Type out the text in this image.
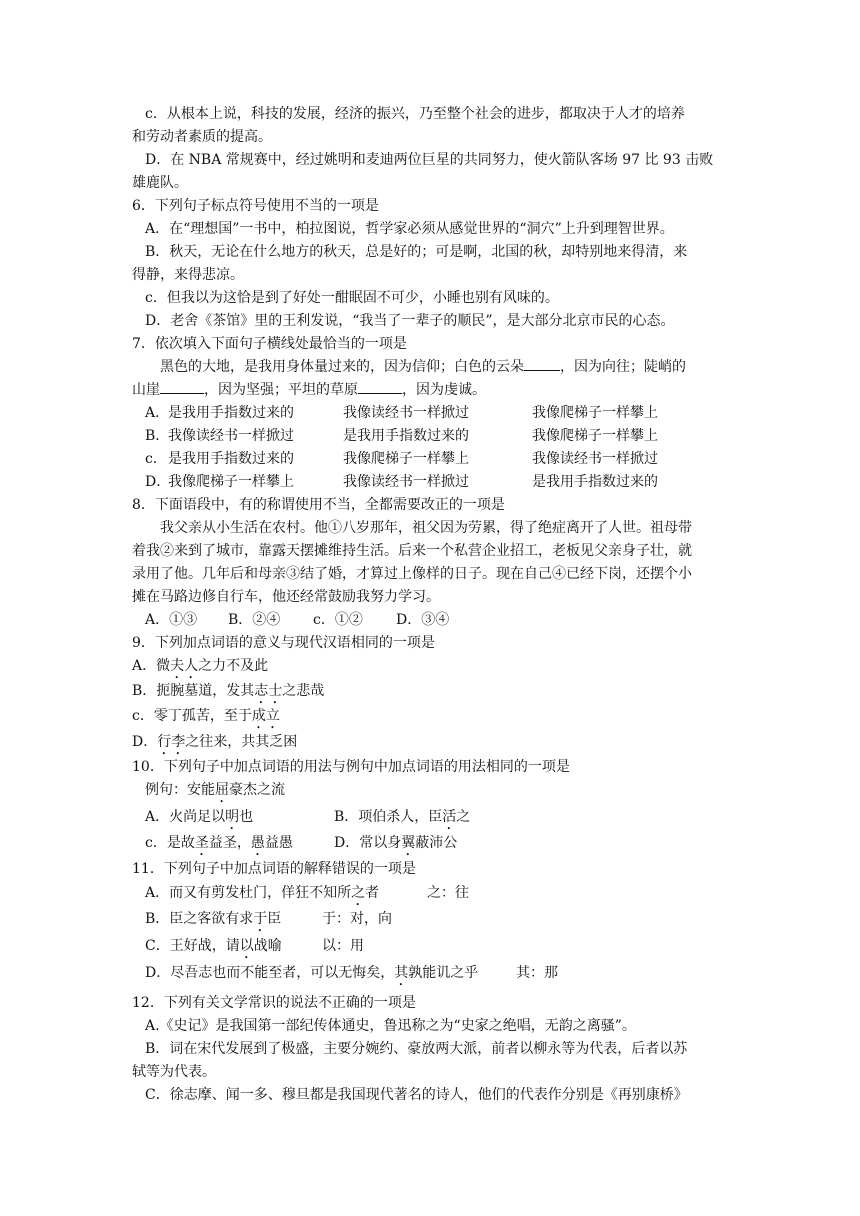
c．从根本上说，科技的发展，经济的振兴，乃至整个社会的进步，都取决于人才的培养
和劳动者素质的提高。
D．在 NBA 常规赛中，经过姚明和麦迪两位巨星的共同努力，使火箭队客场 97 比 93 击败
雄鹿队。
6．下列句子标点符号使用不当的一项是
A．在“理想国”一书中，柏拉图说，哲学家必须从感觉世界的“洞穴”上升到理智世界。
B．秋天，无论在什么地方的秋天，总是好的；可是啊，北国的秋，却特别地来得清，来
得静，来得悲凉。
c．但我以为这恰是到了好处一酣眠固不可少，小睡也别有风味的。
D．老舍《茶馆》里的王利发说，“我当了一辈子的顺民”，是大部分北京市民的心态。
7．依次填入下面句子横线处最恰当的一项是
黑色的大地，是我用身体量过来的，因为信仰；白色的云朵	，因为向往；陡峭的
山崖	，因为坚强；平坦的草原	，因为虔诚。
A．
是我用手指数过来的	我像读经书一样掀过	我像爬梯子一样攀上
B．
我像读经书一样掀过	是我用手指数过来的	我像爬梯子一样攀上
c． 是我用手指数过来的	我像爬梯子一样攀上	我像读经书一样掀过
D．
我像爬梯子一样攀上	我像读经书一样掀过	是我用手指数过来的
8．下面语段中，有的称谓使用不当，全都需要改正的一项是
我父亲从小生活在农村。他①八岁那年，祖父因为劳累，得了绝症离开了人世。祖母带
着我②来到了城市，靠露天摆摊维持生活。后来一个私营企业招工，老板见父亲身子壮，就
录用了他。几年后和母亲③结了婚，才算过上像样的日子。现在自己④已经下岗，还摆个小
摊在马路边修自行车，他还经常鼓励我努力学习。
A．①③ B．②④ c．①② D．③④
9．下列加点词语的意义与现代汉语相同的一项是
A．微夫人之力不及此
B．扼腕墓道，发其志士之悲哉
c．零丁孤苦，至于成立
D．行李之往来，共其乏困
10．下列句子中加点词语的用法与例句中加点词语的用法相同的一项是
例句：安能屈豪杰之流
A．火尚足以明也	B．项伯杀人，臣活之
c．是故圣益圣，愚益愚	D．常以身翼蔽沛公
11．下列句子中加点词语的解释错误的一项是
A．而又有剪发杜门，佯狂不知所之者	之：往
B．臣之客欲有求于臣	于：对，向
C．王好战，请以战喻	以：用
D．尽吾志也而不能至者，可以无悔矣，其孰能讥之乎	其：那
12．下列有关文学常识的说法不正确的一项是
A.《史记》是我国第一部纪传体通史，鲁迅称之为“史家之绝唱，无韵之离骚”。
B．词在宋代发展到了极盛，主要分婉约、豪放两大派，前者以柳永等为代表，后者以苏
轼等为代表。
C．徐志摩、闻一多、穆旦都是我国现代著名的诗人，他们的代表作分别是《再别康桥》
